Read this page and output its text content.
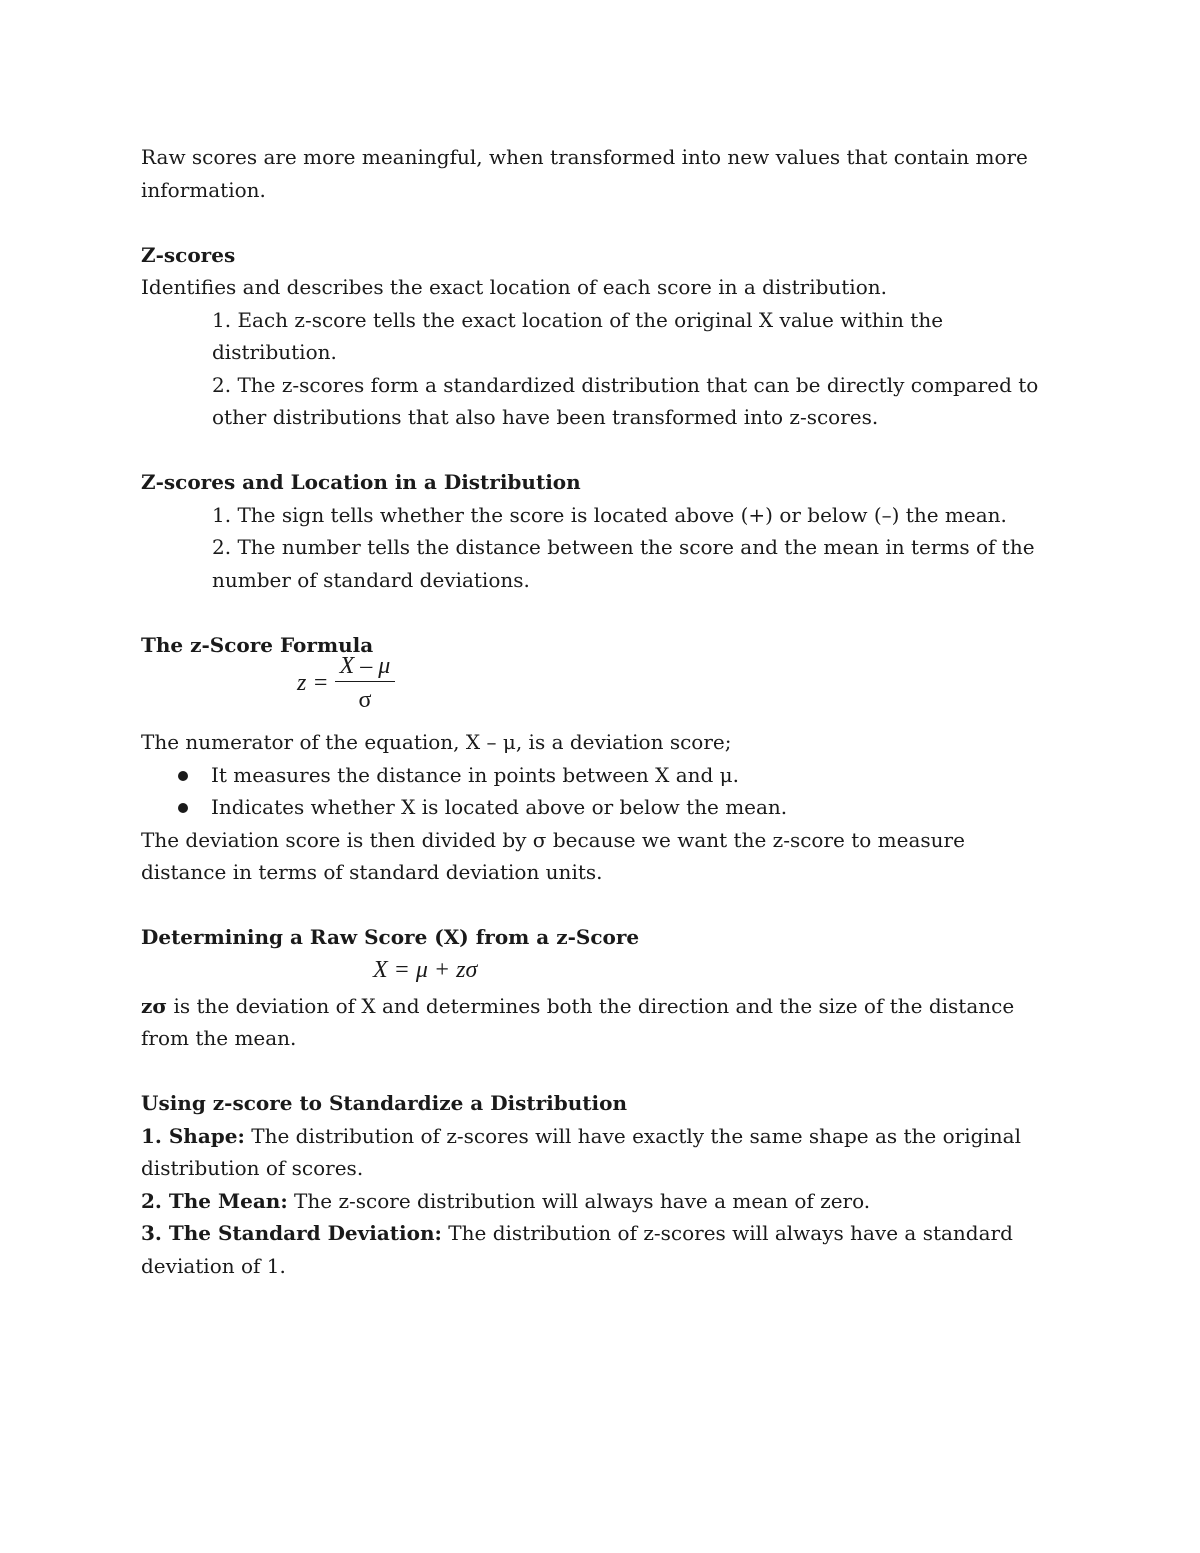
Raw scores are more meaningful, when transformed into new values that contain more information.

Z-scores

Identifies and describes the exact location of each score in a distribution.

1. Each z-score tells the exact location of the original X value within the distribution.

2. The z-scores form a standardized distribution that can be directly compared to other distributions that also have been transformed into z-scores.

Z-scores and Location in a Distribution

1. The sign tells whether the score is located above (+) or below (–) the mean.

2. The number tells the distance between the score and the mean in terms of the number of standard deviations.

The z-Score Formula

$z = \frac{X - \mu}{\sigma}$

The numerator of the equation, X – μ, is a deviation score;

It measures the distance in points between X and μ.
Indicates whether X is located above or below the mean.

The deviation score is then divided by σ because we want the z-score to measure distance in terms of standard deviation units.

Determining a Raw Score (X) from a z-Score

X = μ + zσ

zσ is the deviation of X and determines both the direction and the size of the distance from the mean.

Using z-score to Standardize a Distribution

1. Shape: The distribution of z-scores will have exactly the same shape as the original distribution of scores.

2. The Mean: The z-score distribution will always have a mean of zero.

3. The Standard Deviation: The distribution of z-scores will always have a standard deviation of 1.
